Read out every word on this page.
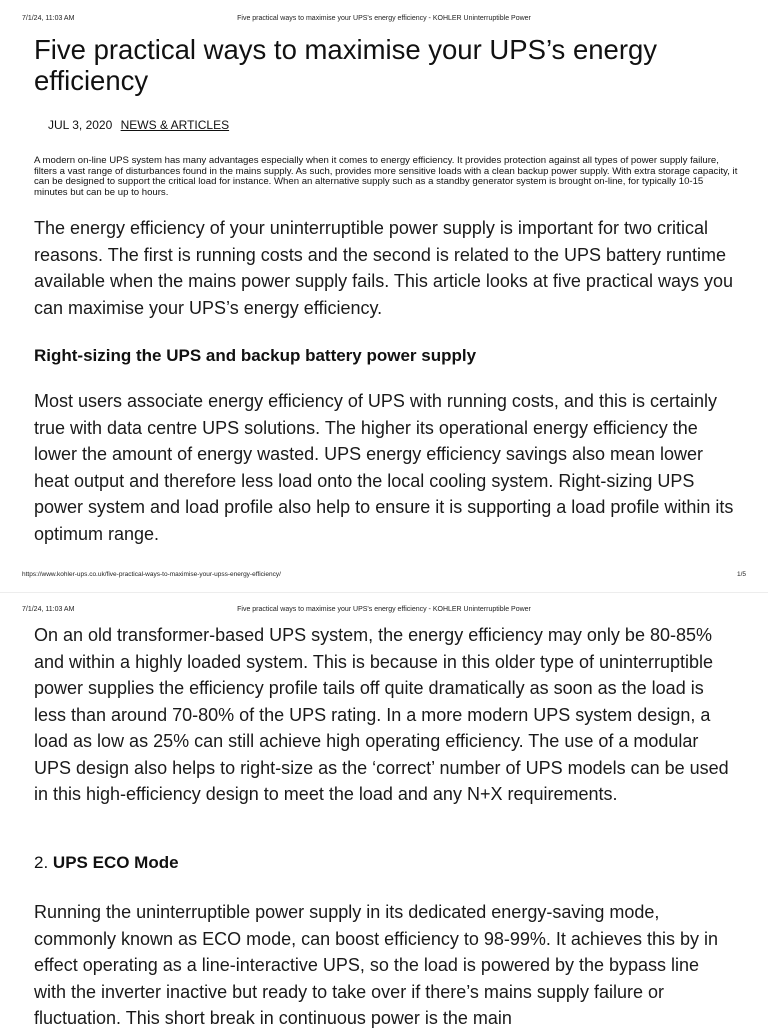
7/1/24, 11:03 AM	Five practical ways to maximise your UPS's energy efficiency - KOHLER Uninterruptible Power
Five practical ways to maximise your UPS’s energy efficiency
JUL 3, 2020 NEWS & ARTICLES
A modern on-line UPS system has many advantages especially when it comes to energy efficiency. It provides protection against all types of power supply failure, filters a vast range of disturbances found in the mains supply. As such, provides more sensitive loads with a clean backup power supply. With extra storage capacity, it can be designed to support the critical load for instance. When an alternative supply such as a standby generator system is brought on-line, for typically 10-15 minutes but can be up to hours.

The energy efficiency of your uninterruptible power supply is important for two critical reasons. The first is running costs and the second is related to the UPS battery runtime available when the mains power supply fails. This article looks at five practical ways you can maximise your UPS’s energy efficiency.

Right-sizing the UPS and backup battery power supply

Most users associate energy efficiency of UPS with running costs, and this is certainly true with data centre UPS solutions. The higher its operational energy efficiency the lower the amount of energy wasted. UPS energy efficiency savings also mean lower heat output and therefore less load onto the local cooling system. Right-sizing UPS power system and load profile also help to ensure it is supporting a load profile within its optimum range.

https://www.kohler-ups.co.uk/five-practical-ways-to-maximise-your-upss-energy-efficiency/	1/5
7/1/24, 11:03 AM	Five practical ways to maximise your UPS's energy efficiency - KOHLER Uninterruptible Power

On an old transformer-based UPS system, the energy efficiency may only be 80-85% and within a highly loaded system. This is because in this older type of uninterruptible power supplies the efficiency profile tails off quite dramatically as soon as the load is less than around 70-80% of the UPS rating. In a more modern UPS system design, a load as low as 25% can still achieve high operating efficiency. The use of a modular UPS design also helps to right-size as the ‘correct’ number of UPS models can be used in this high-efficiency design to meet the load and any N+X requirements.

2. UPS ECO Mode

Running the uninterruptible power supply in its dedicated energy-saving mode, commonly known as ECO mode, can boost efficiency to 98-99%. It achieves this by in effect operating as a line-interactive UPS, so the load is powered by the bypass line with the inverter inactive but ready to take over if there’s mains supply failure or fluctuation. This short break in continuous power is the main
